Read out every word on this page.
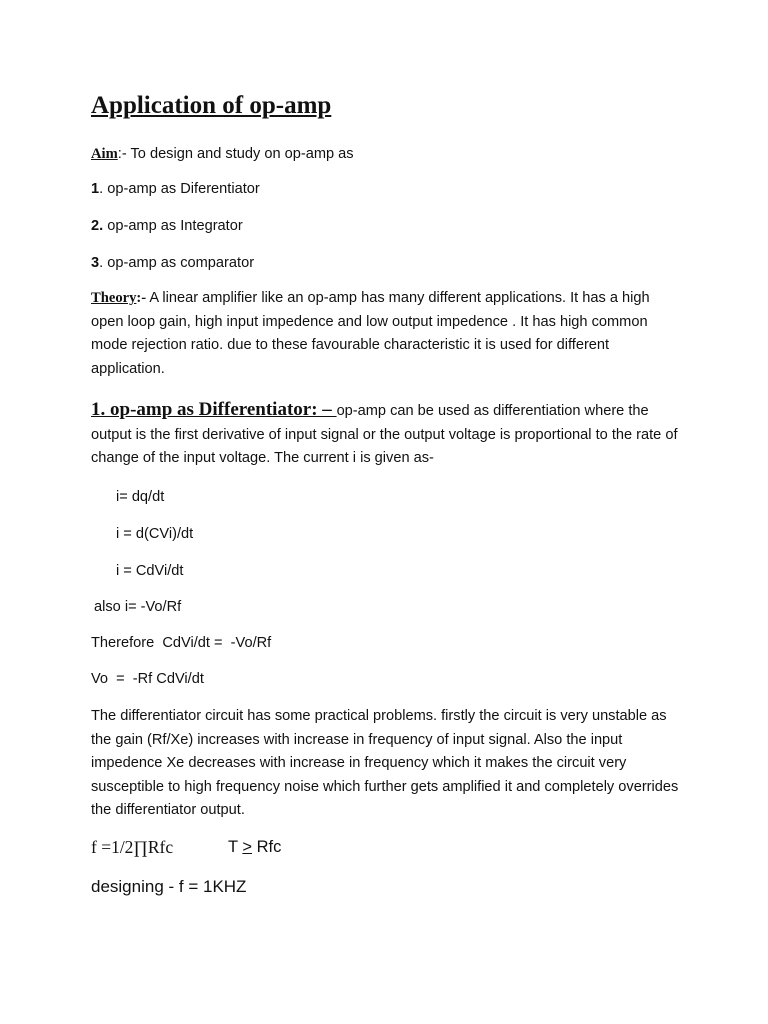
Application of op-amp
Aim:- To design and study on op-amp as
1. op-amp as Diferentiator
2. op-amp as Integrator
3. op-amp as comparator

Theory:- A linear amplifier like an op-amp has many different applications. It has a high open loop gain, high input impedence and low output impedence . It has high common mode rejection ratio. due to these favourable characteristic it is used for different application.

1. op-amp as Differentiator: – op-amp can be used as differentiation where the output is the first derivative of input signal or the output voltage is proportional to the rate of change of the input voltage. The current i is given as-

i= dq/dt
i = d(CVi)/dt
i = CdVi/dt
also i= -Vo/Rf
Therefore  CdVi/dt =  -Vo/Rf
Vo  =  -Rf CdVi/dt

The differentiator circuit has some practical problems. firstly the circuit is very unstable as the gain (Rf/Xe) increases with increase in frequency of input signal. Also the input impedence Xe decreases with increase in frequency which it makes the circuit very susceptible to high frequency noise which further gets amplified it and completely overrides the differentiator output.

f =1/2∏Rfc	T > Rfc
designing - f = 1KHZ
